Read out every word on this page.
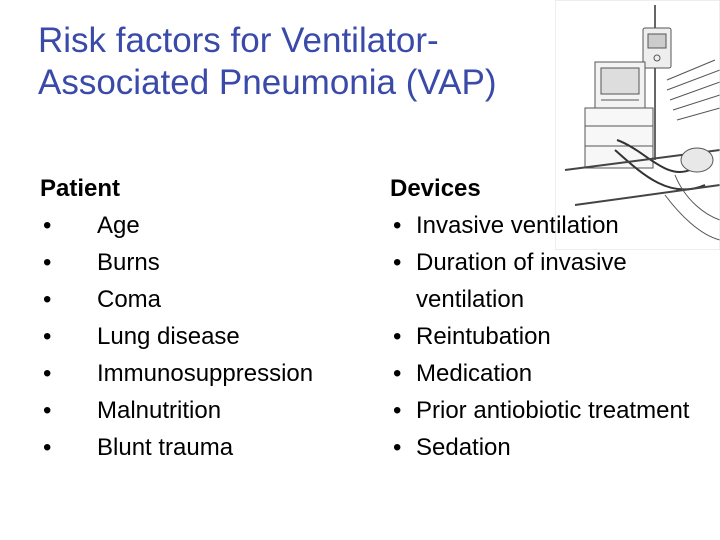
Risk factors for Ventilator-Associated Pneumonia (VAP)
Patient
• Age
• Burns
• Coma
• Lung disease
• Immunosuppression
• Malnutrition
• Blunt trauma
Devices
• Invasive ventilation
• Duration of invasive ventilation
• Reintubation
• Medication
• Prior antiobiotic treatment
• Sedation
